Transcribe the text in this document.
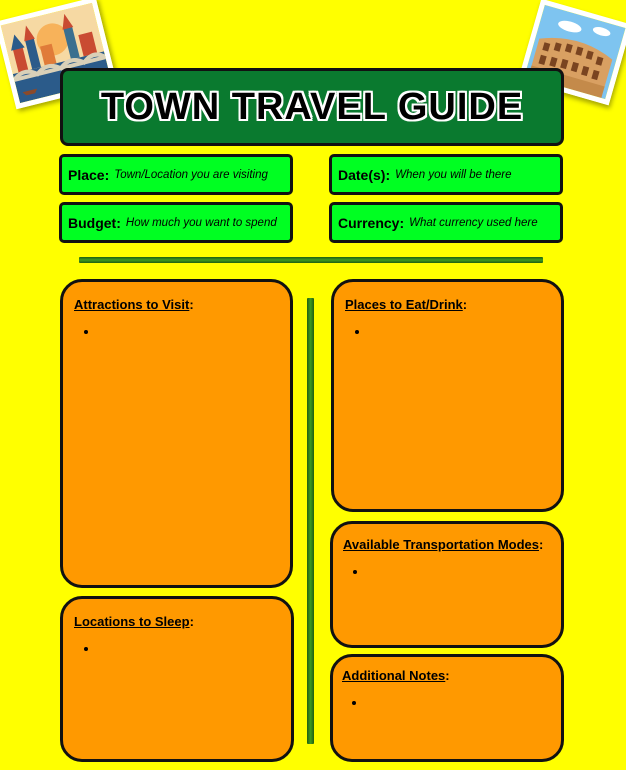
TOWN TRAVEL GUIDE
Place: Town/Location you are visiting	Date(s): When you will be there
Budget: How much you want to spend	Currency: What currency used here
Attractions to Visit:
•
Locations to Sleep:
•
Places to Eat/Drink:
•
Available Transportation Modes:
•
Additional Notes:
•
